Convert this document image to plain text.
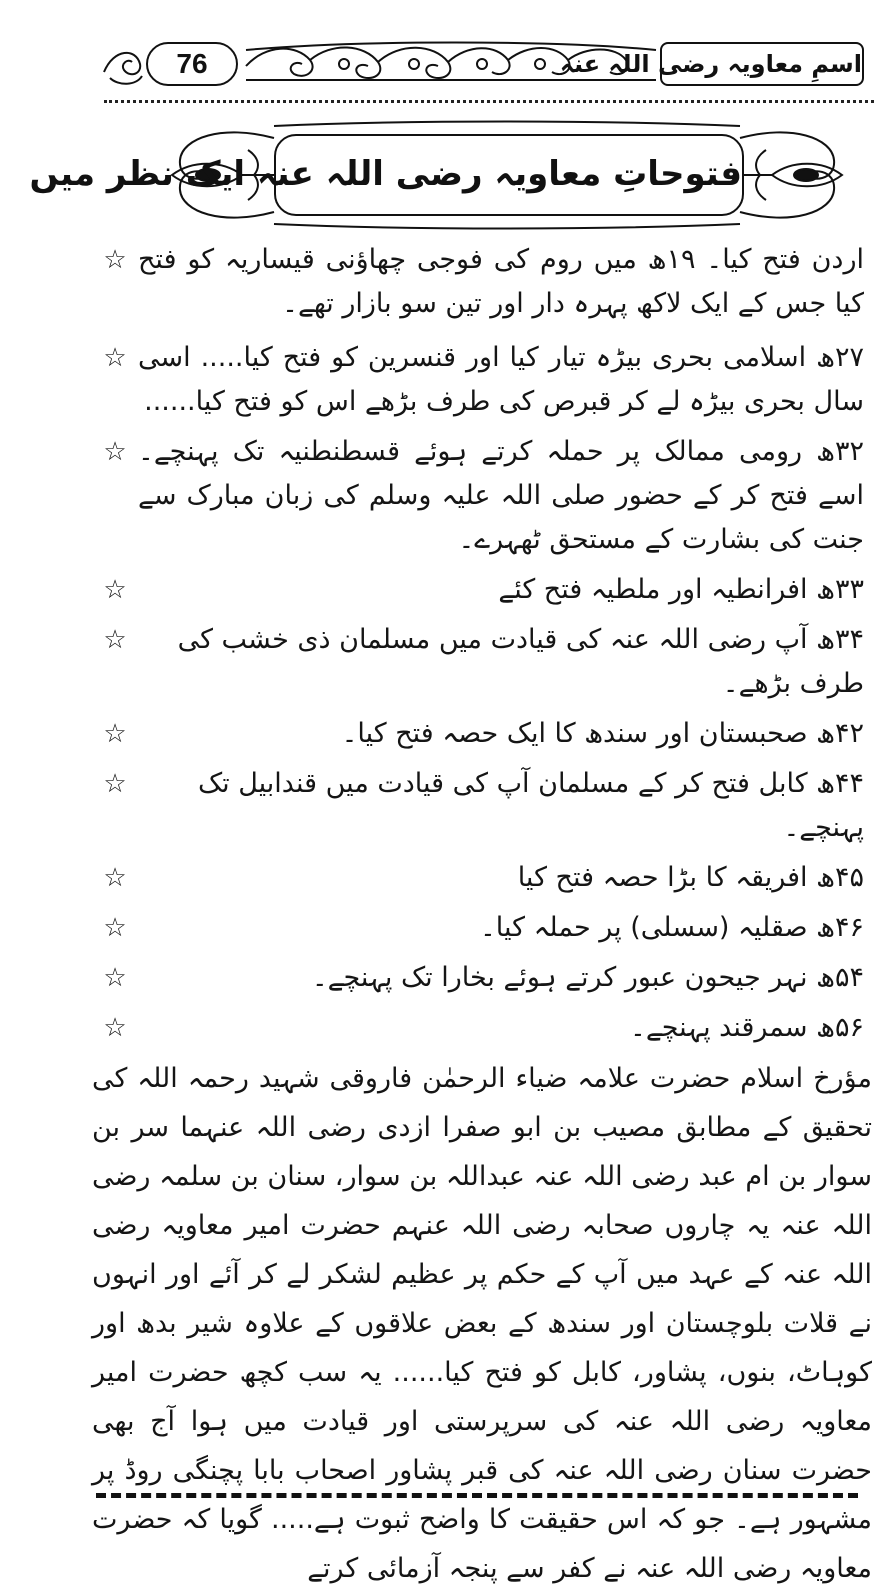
76	اسمِ معاویہ رضی اللہ عنہ
فتوحاتِ معاویہ رضی اللہ عنہ ایک نظر میں
☆ اردن فتح کیا۔ ۱۹ھ میں روم کی فوجی چھاؤنی قیساریہ کو فتح کیا جس کے ایک لاکھ پہرہ دار اور تین سو بازار تھے۔
☆ ۲۷ھ اسلامی بحری بیڑہ تیار کیا اور قنسرین کو فتح کیا..... اسی سال بحری بیڑہ لے کر قبرص کی طرف بڑھے اس کو فتح کیا......
☆ ۳۲ھ رومی ممالک پر حملہ کرتے ہوئے قسطنطنیہ تک پہنچے۔ اسے فتح کر کے حضور صلی اللہ علیہ وسلم کی زبان مبارک سے جنت کی بشارت کے مستحق ٹھہرے۔
☆	۳۳ھ افرانطیہ اور ملطیہ فتح کئے
☆	۳۴ھ آپ رضی اللہ عنہ کی قیادت میں مسلمان ذی خشب کی طرف بڑھے۔
☆	۴۲ھ صحبستان اور سندھ کا ایک حصہ فتح کیا۔
☆	۴۴ھ کابل فتح کر کے مسلمان آپ کی قیادت میں قندابیل تک پہنچے۔
☆	۴۵ھ افریقہ کا بڑا حصہ فتح کیا
☆	۴۶ھ صقلیہ (سسلی) پر حملہ کیا۔
☆	۵۴ھ نہر جیحون عبور کرتے ہوئے بخارا تک پہنچے۔
☆	۵۶ھ سمرقند پہنچے۔
مؤرخ اسلام حضرت علامہ ضیاء الرحمٰن فاروقی شہید رحمہ اللہ کی تحقیق کے مطابق مصیب بن ابو صفرا ازدی رضی اللہ عنہما سر بن سوار بن ام عبد رضی اللہ عنہ عبداللہ بن سوار، سنان بن سلمہ رضی اللہ عنہ یہ چاروں صحابہ رضی اللہ عنہم حضرت امیر معاویہ رضی اللہ عنہ کے عہد میں آپ کے حکم پر عظیم لشکر لے کر آئے اور انہوں نے قلات بلوچستان اور سندھ کے بعض علاقوں کے علاوہ شیر بدھ اور کوہاٹ، بنوں، پشاور، کابل کو فتح کیا...... یہ سب کچھ حضرت امیر معاویہ رضی اللہ عنہ کی سرپرستی اور قیادت میں ہوا آج بھی حضرت سنان رضی اللہ عنہ کی قبر پشاور اصحاب بابا پچنگی روڈ پر مشہور ہے۔ جو کہ اس حقیقت کا واضح ثبوت ہے..... گویا کہ حضرت معاویہ رضی اللہ عنہ نے کفر سے پنجہ آزمائی کرتے
